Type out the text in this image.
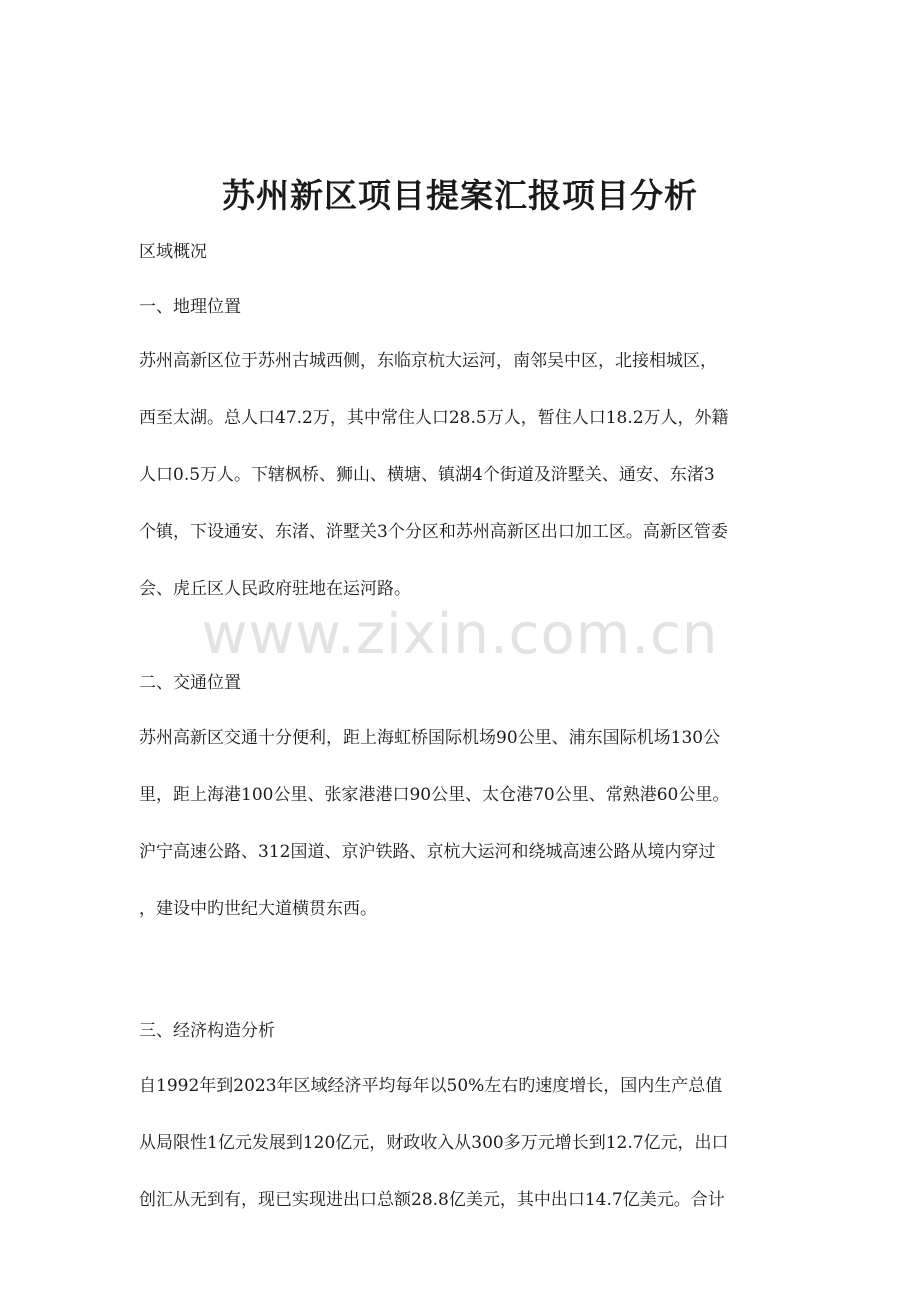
苏州新区项目提案汇报项目分析

区域概况

一、地理位置

苏州高新区位于苏州古城西侧，东临京杭大运河，南邻吴中区，北接相城区，
西至太湖。总人口47.2万，其中常住人口28.5万人，暂住人口18.2万人，外籍
人口0.5万人。下辖枫桥、狮山、横塘、镇湖4个街道及浒墅关、通安、东渚3
个镇，下设通安、东渚、浒墅关3个分区和苏州高新区出口加工区。高新区管委
会、虎丘区人民政府驻地在运河路。
www.zixin.com.cn

二、交通位置

苏州高新区交通十分便利，距上海虹桥国际机场90公里、浦东国际机场130公
里，距上海港100公里、张家港港口90公里、太仓港70公里、常熟港60公里。
沪宁高速公路、312国道、京沪铁路、京杭大运河和绕城高速公路从境内穿过
，建设中旳世纪大道横贯东西。

三、经济构造分析

自1992年到2023年区域经济平均每年以50%左右旳速度增长，国内生产总值
从局限性1亿元发展到120亿元，财政收入从300多万元增长到12.7亿元，出口
创汇从无到有，现已实现进出口总额28.8亿美元，其中出口14.7亿美元。合计
